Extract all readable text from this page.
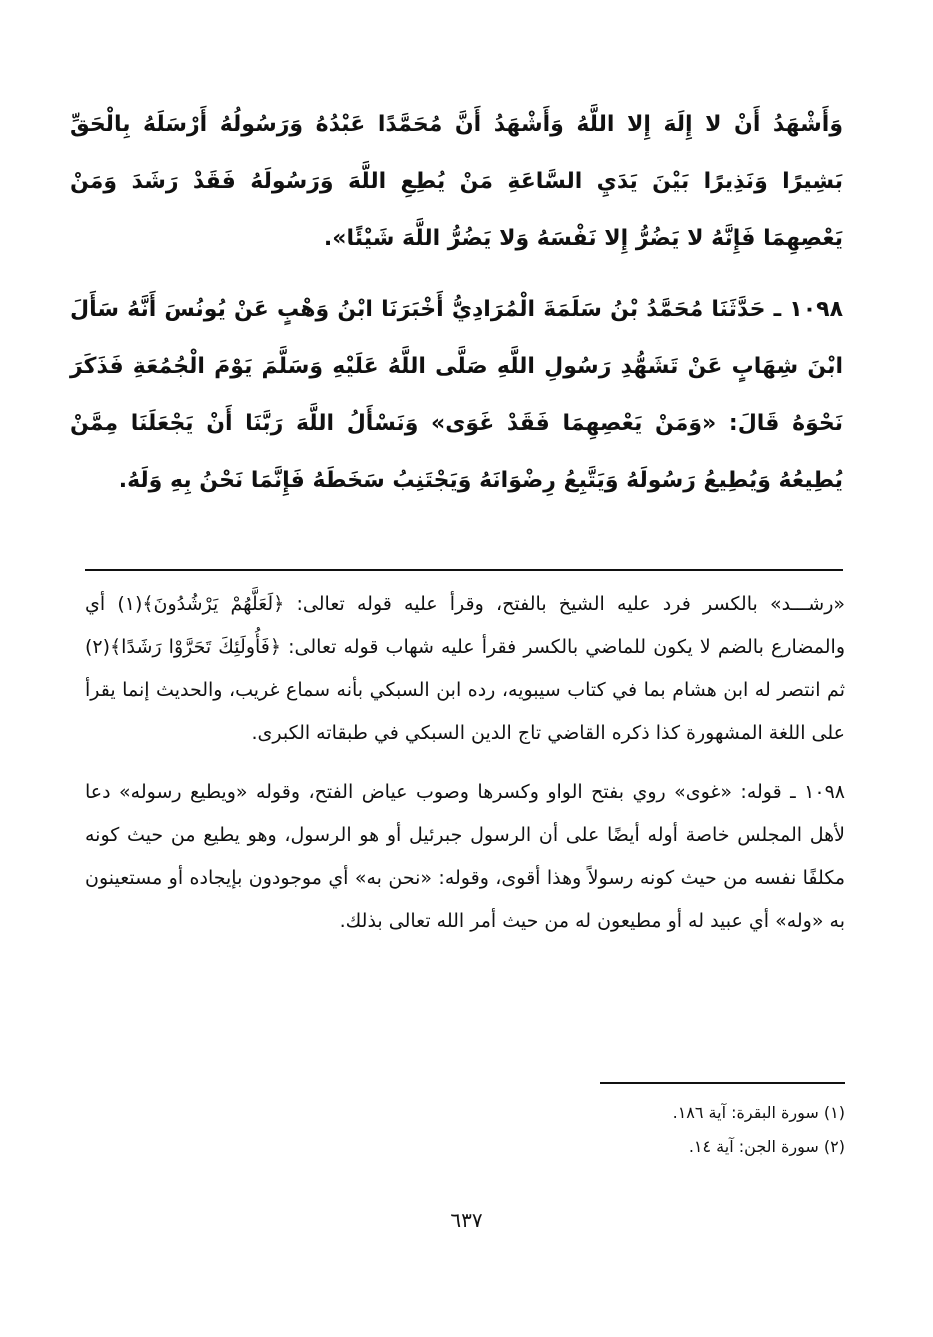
وَأَشْهَدُ أَنْ لا إِلَهَ إِلا اللَّهُ وَأَشْهَدُ أَنَّ مُحَمَّدًا عَبْدُهُ وَرَسُولُهُ أَرْسَلَهُ بِالْحَقِّ بَشِيرًا وَنَذِيرًا بَيْنَ يَدَيِ السَّاعَةِ مَنْ يُطِعِ اللَّهَ وَرَسُولَهُ فَقَدْ رَشَدَ وَمَنْ يَعْصِهِمَا فَإِنَّهُ لا يَضُرُّ إِلا نَفْسَهُ وَلا يَضُرُّ اللَّهَ شَيْئًا».

١٠٩٨ ـ حَدَّثَنَا مُحَمَّدُ بْنُ سَلَمَةَ الْمُرَادِيُّ أَخْبَرَنَا ابْنُ وَهْبٍ عَنْ يُونُسَ أَنَّهُ سَأَلَ ابْنَ شِهَابٍ عَنْ تَشَهُّدِ رَسُولِ اللَّهِ صَلَّى اللَّهُ عَلَيْهِ وَسَلَّمَ يَوْمَ الْجُمُعَةِ فَذَكَرَ نَحْوَهُ قَالَ: «وَمَنْ يَعْصِهِمَا فَقَدْ غَوَى» وَنَسْأَلُ اللَّهَ رَبَّنَا أَنْ يَجْعَلَنَا مِمَّنْ يُطِيعُهُ وَيُطِيعُ رَسُولَهُ وَيَتَّبِعُ رِضْوَانَهُ وَيَجْتَنِبُ سَخَطَهُ فَإِنَّمَا نَحْنُ بِهِ وَلَهُ.

«رشـــد» بالكسر فرد عليه الشيخ بالفتح، وقرأ عليه قوله تعالى: ﴿لَعَلَّهُمْ يَرْشُدُونَ﴾(١) أي والمضارع بالضم لا يكون للماضي بالكسر فقرأ عليه شهاب قوله تعالى: ﴿فَأُولَئِكَ تَحَرَّوْا رَشَدًا﴾(٢) ثم انتصر له ابن هشام بما في كتاب سيبويه، رده ابن السبكي بأنه سماع غريب، والحديث إنما يقرأ على اللغة المشهورة كذا ذكره القاضي تاج الدين السبكي في طبقاته الكبرى.

١٠٩٨ ـ قوله: «غوى» روي بفتح الواو وكسرها وصوب عياض الفتح، وقوله «ويطيع رسوله» دعا لأهل المجلس خاصة أوله أيضًا على أن الرسول جبرئيل أو هو الرسول، وهو يطيع من حيث كونه مكلفًا نفسه من حيث كونه رسولاً وهذا أقوى، وقوله: «نحن به» أي موجودون بإيجاده أو مستعينون به «وله» أي عبيد له أو مطيعون له من حيث أمر الله تعالى بذلك.

(١) سورة البقرة: آية ١٨٦.

(٢) سورة الجن: آية ١٤.

٦٣٧
